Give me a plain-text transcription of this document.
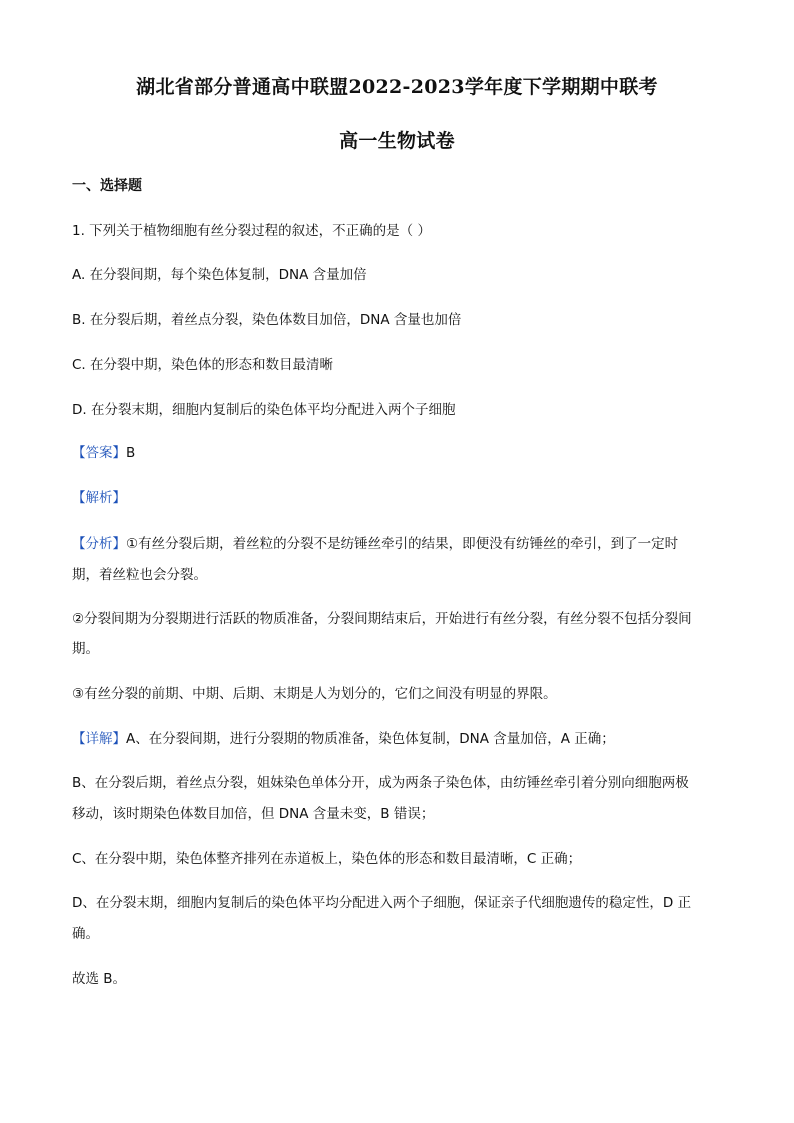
湖北省部分普通高中联盟2022-2023学年度下学期期中联考
高一生物试卷
一、选择题
1. 下列关于植物细胞有丝分裂过程的叙述，不正确的是（ ）
A. 在分裂间期，每个染色体复制，DNA 含量加倍
B. 在分裂后期，着丝点分裂，染色体数目加倍，DNA 含量也加倍
C. 在分裂中期，染色体的形态和数目最清晰
D. 在分裂末期，细胞内复制后的染色体平均分配进入两个子细胞
【答案】B
【解析】
【分析】①有丝分裂后期，着丝粒的分裂不是纺锤丝牵引的结果，即便没有纺锤丝的牵引，到了一定时
期，着丝粒也会分裂。
②分裂间期为分裂期进行活跃的物质准备，分裂间期结束后，开始进行有丝分裂，有丝分裂不包括分裂间
期。
③有丝分裂的前期、中期、后期、末期是人为划分的，它们之间没有明显的界限。
【详解】A、在分裂间期，进行分裂期的物质准备，染色体复制，DNA 含量加倍，A 正确；
B、在分裂后期，着丝点分裂，姐妹染色单体分开，成为两条子染色体，由纺锤丝牵引着分别向细胞两极
移动，该时期染色体数目加倍，但 DNA 含量未变，B 错误；
C、在分裂中期，染色体整齐排列在赤道板上，染色体的形态和数目最清晰，C 正确；
D、在分裂末期，细胞内复制后的染色体平均分配进入两个子细胞，保证亲子代细胞遗传的稳定性，D 正
确。
故选 B。
